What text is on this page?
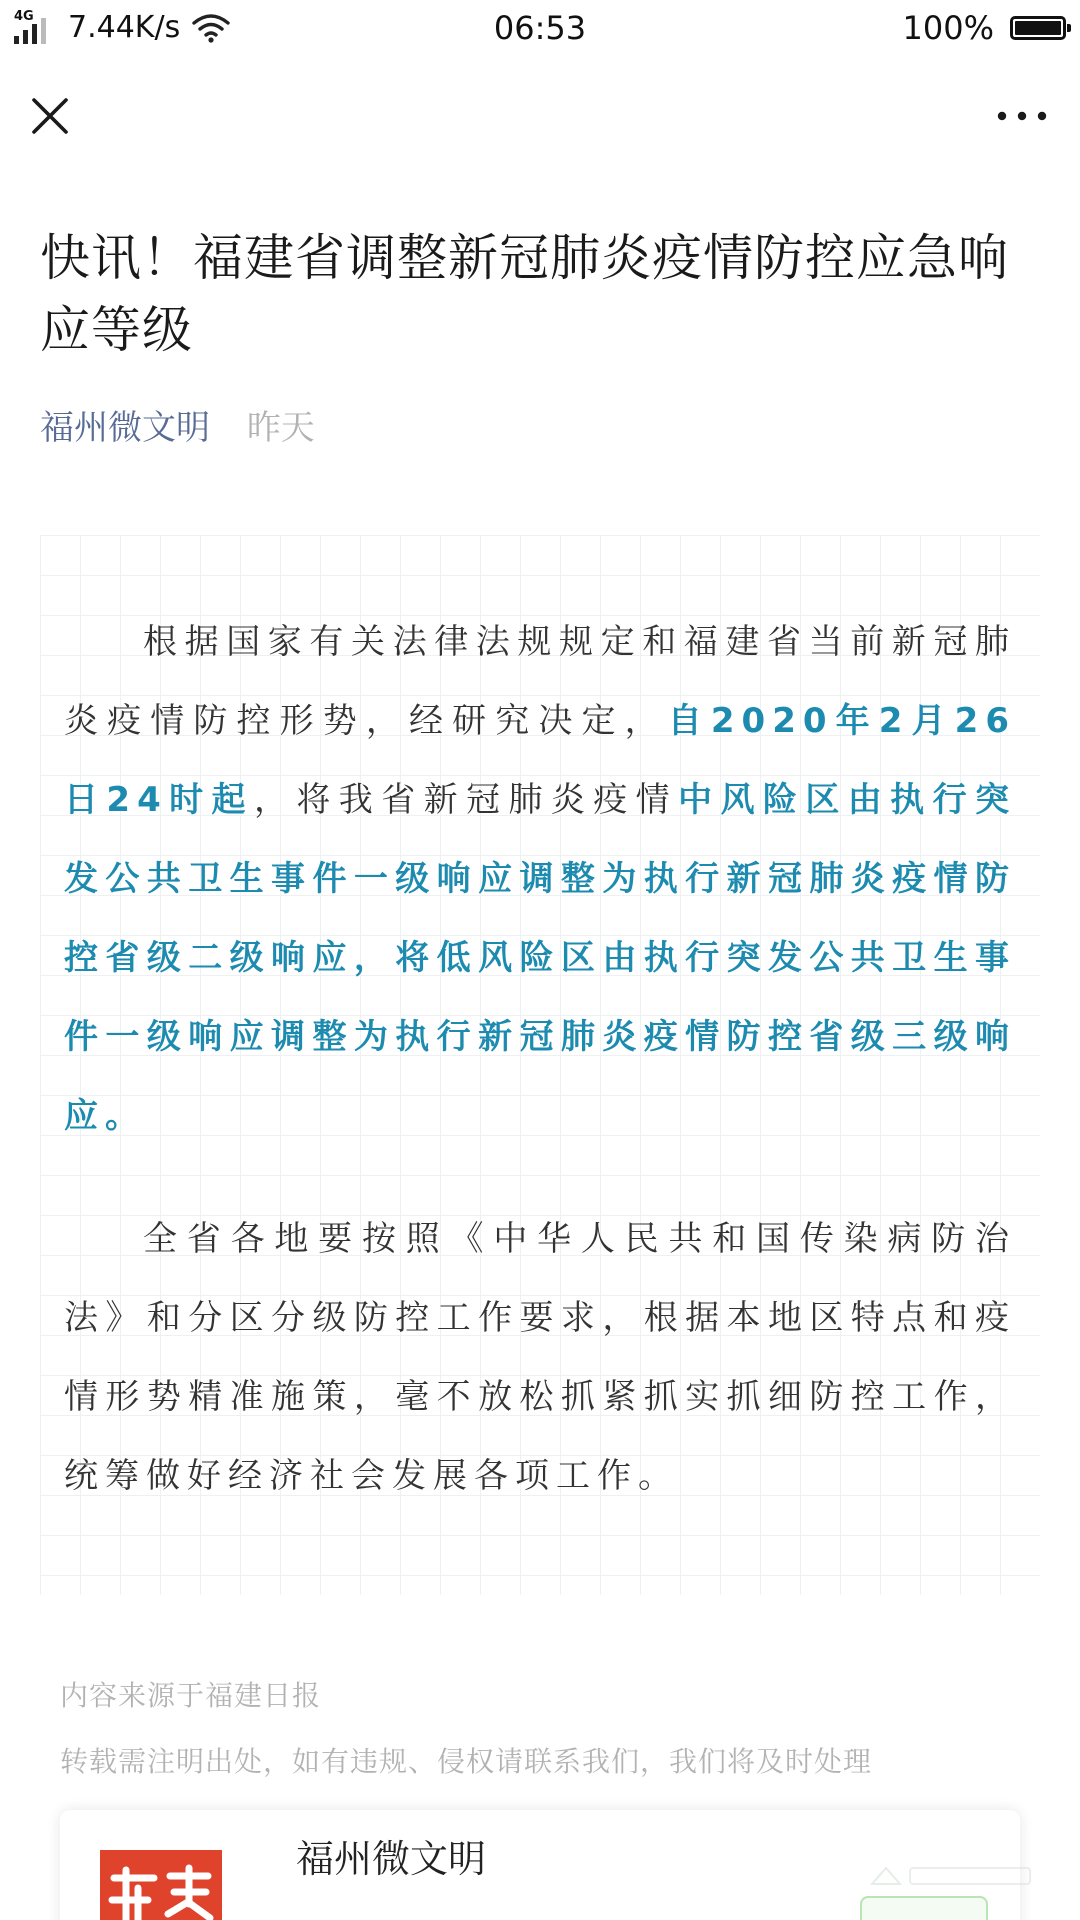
4G 7.44K/s	06:53	100%
快讯！福建省调整新冠肺炎疫情防控应急响应等级
福州微文明 昨天

根据国家有关法律法规规定和福建省当前新冠肺炎疫情防控形势，经研究决定，自2020年2月26日24时起，将我省新冠肺炎疫情中风险区由执行突发公共卫生事件一级响应调整为执行新冠肺炎疫情防控省级二级响应，将低风险区由执行突发公共卫生事件一级响应调整为执行新冠肺炎疫情防控省级三级响应。

全省各地要按照《中华人民共和国传染病防治法》和分区分级防控工作要求，根据本地区特点和疫情形势精准施策，毫不放松抓紧抓实抓细防控工作，统筹做好经济社会发展各项工作。

内容来源于福建日报
转载需注明出处，如有违规、侵权请联系我们，我们将及时处理
福州微文明
